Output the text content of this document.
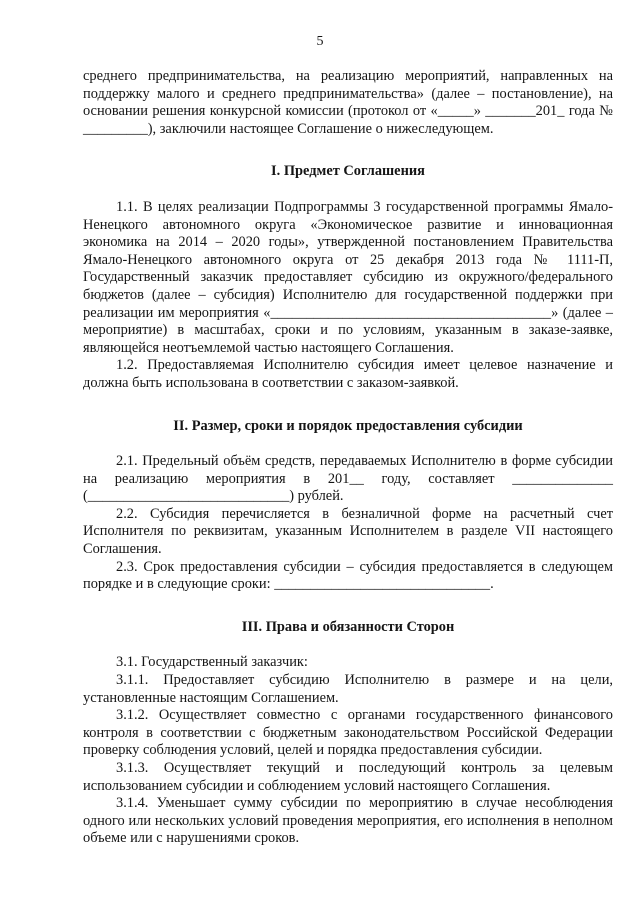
5

среднего предпринимательства, на реализацию мероприятий, направленных на поддержку малого и среднего предпринимательства» (далее – постановление), на основании решения конкурсной комиссии (протокол от «_____» _______201_ года № _________), заключили настоящее Соглашение о нижеследующем.

I. Предмет Соглашения

1.1. В целях реализации Подпрограммы 3 государственной программы Ямало-Ненецкого автономного округа «Экономическое развитие и инновационная экономика на 2014 – 2020 годы», утвержденной постановлением Правительства Ямало-Ненецкого автономного округа от 25 декабря 2013 года № 1111-П, Государственный заказчик предоставляет субсидию из окружного/федерального бюджетов (далее – субсидия) Исполнителю для государственной поддержки при реализации им мероприятия «_______________________________________» (далее – мероприятие) в масштабах, сроки и по условиям, указанным в заказе-заявке, являющейся неотъемлемой частью настоящего Соглашения.

1.2. Предоставляемая Исполнителю субсидия имеет целевое назначение и должна быть использована в соответствии с заказом-заявкой.

II. Размер, сроки и порядок предоставления субсидии

2.1. Предельный объём средств, передаваемых Исполнителю в форме субсидии на реализацию мероприятия в 201__ году, составляет ______________ (____________________________) рублей.

2.2. Субсидия перечисляется в безналичной форме на расчетный счет Исполнителя по реквизитам, указанным Исполнителем в разделе VII настоящего Соглашения.

2.3. Срок предоставления субсидии – субсидия предоставляется в следующем порядке и в следующие сроки: ______________________________.

III. Права и обязанности Сторон

3.1. Государственный заказчик:

3.1.1. Предоставляет субсидию Исполнителю в размере и на цели, установленные настоящим Соглашением.

3.1.2. Осуществляет совместно с органами государственного финансового контроля в соответствии с бюджетным законодательством Российской Федерации проверку соблюдения условий, целей и порядка предоставления субсидии.

3.1.3. Осуществляет текущий и последующий контроль за целевым использованием субсидии и соблюдением условий настоящего Соглашения.

3.1.4. Уменьшает сумму субсидии по мероприятию в случае несоблюдения одного или нескольких условий проведения мероприятия, его исполнения в неполном объеме или с нарушениями сроков.
